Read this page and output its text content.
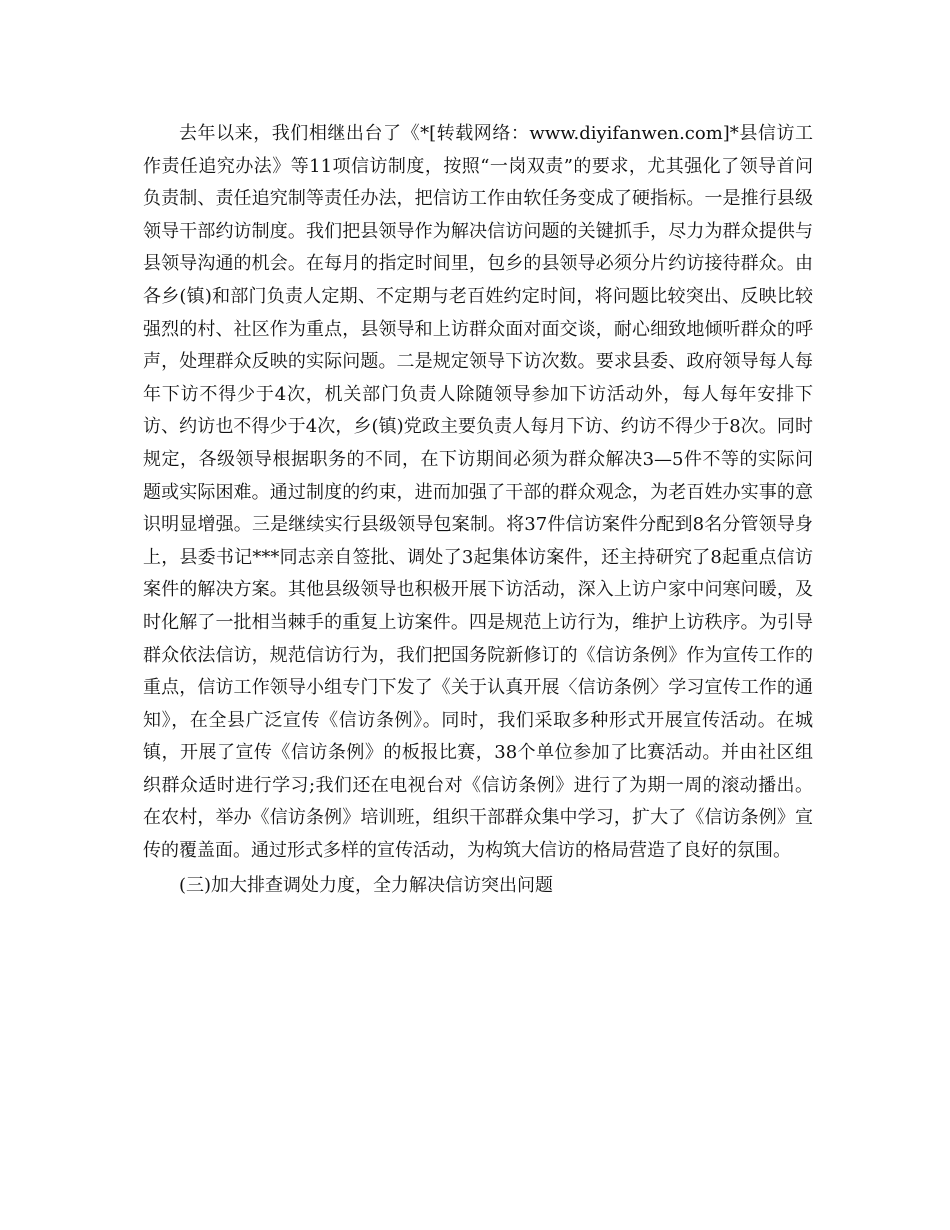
去年以来，我们相继出台了《*[转载网络：www.diyifanwen.com]*县信访工作责任追究办法》等11项信访制度，按照“一岗双责”的要求，尤其强化了领导首问负责制、责任追究制等责任办法，把信访工作由软任务变成了硬指标。一是推行县级领导干部约访制度。我们把县领导作为解决信访问题的关键抓手，尽力为群众提供与县领导沟通的机会。在每月的指定时间里，包乡的县领导必须分片约访接待群众。由各乡(镇)和部门负责人定期、不定期与老百姓约定时间，将问题比较突出、反映比较强烈的村、社区作为重点，县领导和上访群众面对面交谈，耐心细致地倾听群众的呼声，处理群众反映的实际问题。二是规定领导下访次数。要求县委、政府领导每人每年下访不得少于4次，机关部门负责人除随领导参加下访活动外，每人每年安排下访、约访也不得少于4次，乡(镇)党政主要负责人每月下访、约访不得少于8次。同时规定，各级领导根据职务的不同，在下访期间必须为群众解决3—5件不等的实际问题或实际困难。通过制度的约束，进而加强了干部的群众观念，为老百姓办实事的意识明显增强。三是继续实行县级领导包案制。将37件信访案件分配到8名分管领导身上，县委书记***同志亲自签批、调处了3起集体访案件，还主持研究了8起重点信访案件的解决方案。其他县级领导也积极开展下访活动，深入上访户家中问寒问暖，及时化解了一批相当棘手的重复上访案件。四是规范上访行为，维护上访秩序。为引导群众依法信访，规范信访行为，我们把国务院新修订的《信访条例》作为宣传工作的重点，信访工作领导小组专门下发了《关于认真开展〈信访条例〉学习宣传工作的通知》，在全县广泛宣传《信访条例》。同时，我们采取多种形式开展宣传活动。在城镇，开展了宣传《信访条例》的板报比赛，38个单位参加了比赛活动。并由社区组织群众适时进行学习;我们还在电视台对《信访条例》进行了为期一周的滚动播出。在农村，举办《信访条例》培训班，组织干部群众集中学习，扩大了《信访条例》宣传的覆盖面。通过形式多样的宣传活动，为构筑大信访的格局营造了良好的氛围。

(三)加大排查调处力度，全力解决信访突出问题
